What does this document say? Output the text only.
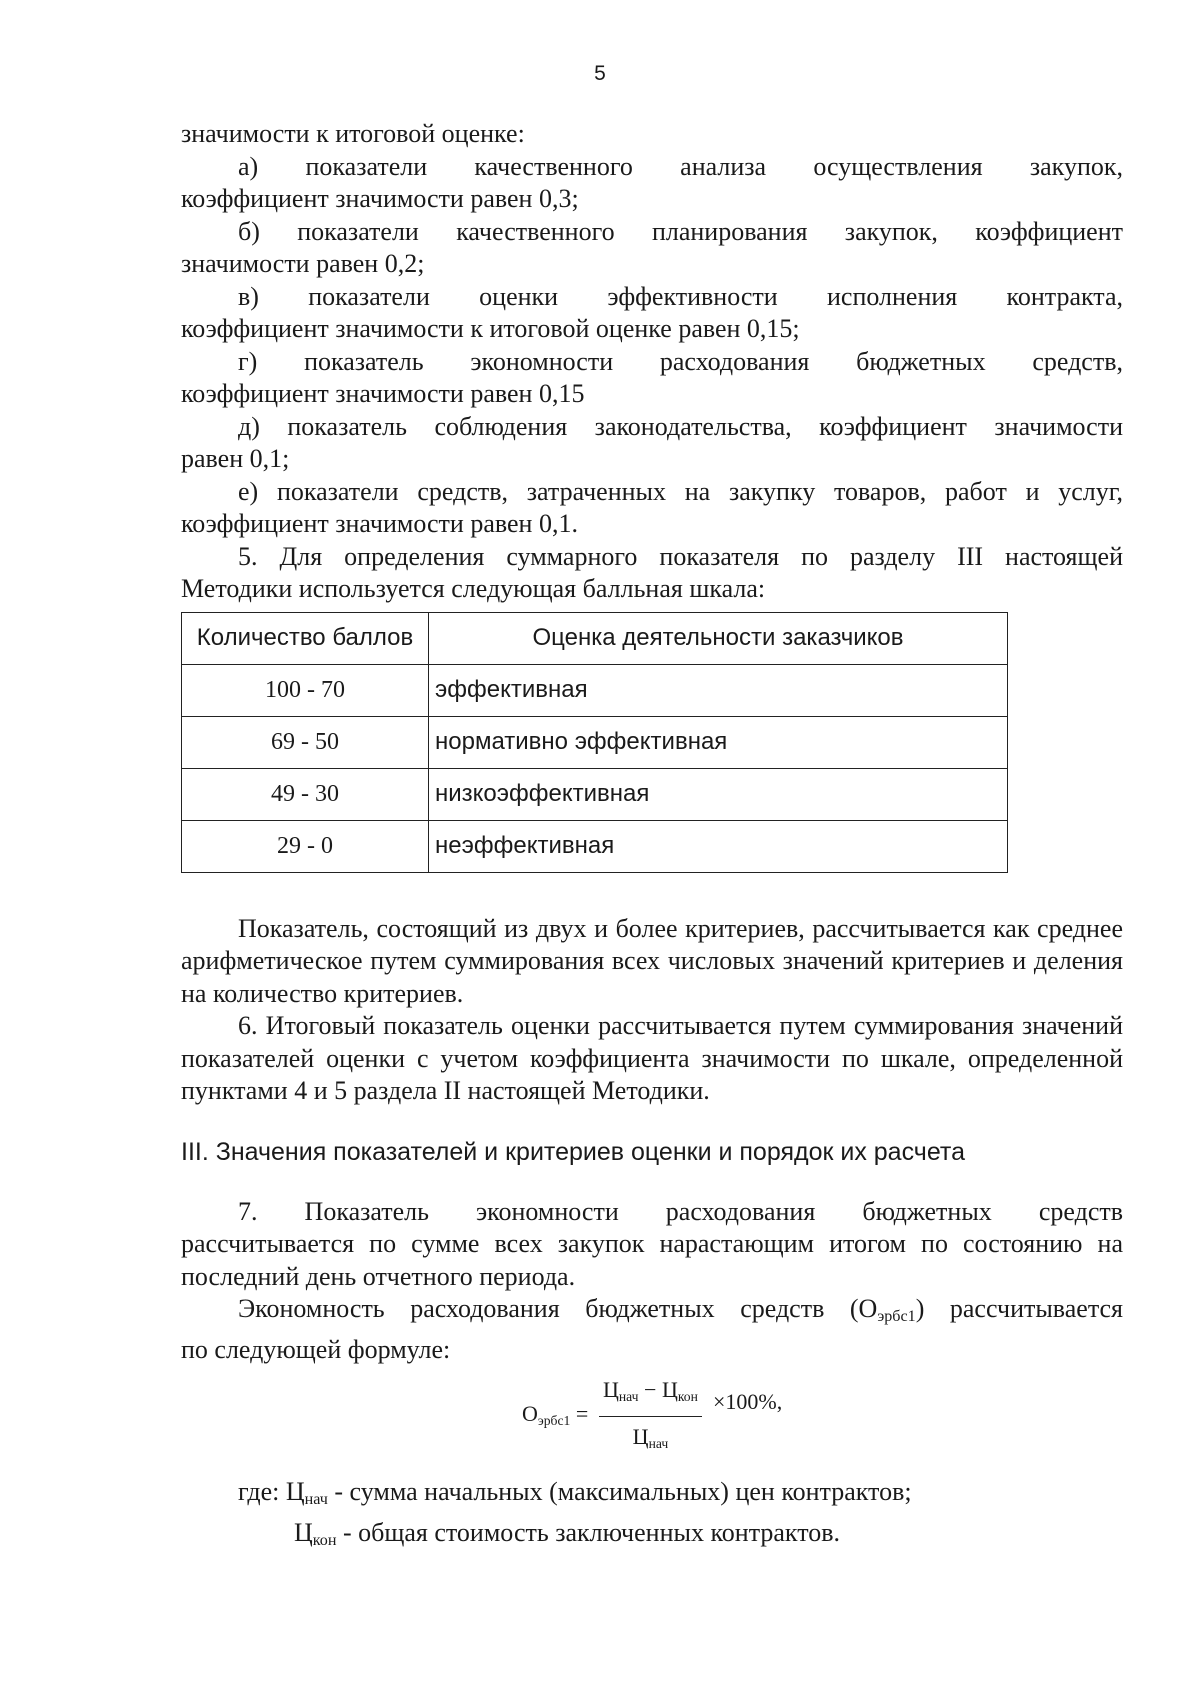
5

значимости к итоговой оценке:

а) показатели качественного анализа осуществления закупок,

коэффициент значимости равен 0,3;

б) показатели качественного планирования закупок, коэффициент

значимости равен 0,2;

в) показатели оценки эффективности исполнения контракта,

коэффициент значимости к итоговой оценке равен 0,15;

г) показатель экономности расходования бюджетных средств,

коэффициент значимости равен 0,15

д) показатель соблюдения законодательства, коэффициент значимости

равен 0,1;

е) показатели средств, затраченных на закупку товаров, работ и услуг,

коэффициент значимости равен 0,1.

5. Для определения суммарного показателя по разделу III настоящей

Методики используется следующая балльная шкала:

Количество баллов	Оценка деятельности заказчиков
100 - 70	эффективная
69 - 50	нормативно эффективная
49 - 30	низкоэффективная
29 - 0	неэффективная

Показатель, состоящий из двух и более критериев, рассчитывается как среднее арифметическое путем суммирования всех числовых значений критериев и деления на количество критериев.

6. Итоговый показатель оценки рассчитывается путем суммирования значений показателей оценки с учетом коэффициента значимости по шкале, определенной пунктами 4 и 5 раздела II настоящей Методики.

III. Значения показателей и критериев оценки и порядок их расчета

7. Показатель экономности расходования бюджетных средств

рассчитывается по сумме всех закупок нарастающим итогом по состоянию на последний день отчетного периода.

Экономность расходования бюджетных средств $(О_{эрбс1})$ рассчитывается

по следующей формуле:

$О_{эрбс1}$ =
$Ц_{нач} - Ц_{кон}$
$Ц_{нач}$
×100%,

где: $Ц_{нач}$ - сумма начальных (максимальных) цен контрактов;

$Ц_{кон}$ - общая стоимость заключенных контрактов.
